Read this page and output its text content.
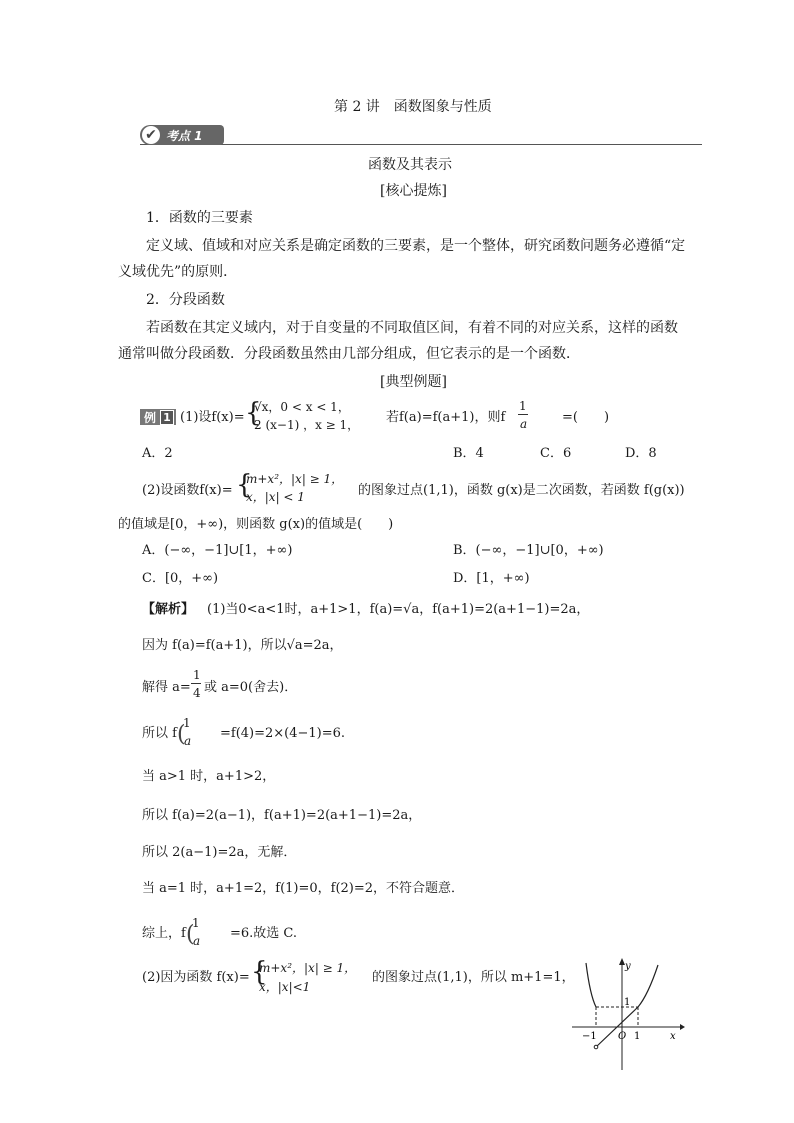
第 2 讲　函数图象与性质
✔ 考点 1
函数及其表示
[核心提炼]
1．函数的三要素
定义域、值域和对应关系是确定函数的三要素，是一个整体，研究函数问题务必遵循“定
义域优先”的原则．
2．分段函数
若函数在其定义域内，对于自变量的不同取值区间，有着不同的对应关系，这样的函数
通常叫做分段函数．分段函数虽然由几部分组成，但它表示的是一个函数．
[典型例题]
例 1 (1)设f(x)= {
√x，0 < x < 1，
2 (x−1) ，x ≥ 1， 若f(a)=f(a+1)，则f
1
a	=(　　)
A．2	B．4	C．6	D．8
(2)设函数f(x)= {
m+x²，|x| ≥ 1，
x，|x| < 1	的图象过点(1,1)，函数 g(x)是二次函数，若函数 f(g(x))
的值域是[0，+∞)，则函数 g(x)的值域是(　　)
A．(−∞，−1]∪[1，+∞)	B．(−∞，−1]∪[0，+∞)
C．[0，+∞)	D．[1，+∞)
【解析】 (1)当0<a<1时，a+1>1，f(a)=√a，f(a+1)=2(a+1−1)=2a，
因为 f(a)=f(a+1)，所以√a=2a，
解得 a=
1
4 或 a=0(舍去)．
所以 f
1
(
a =f(4)=2×(4−1)=6.
当 a>1 时，a+1>2，
所以 f(a)=2(a−1)，f(a+1)=2(a+1−1)=2a，
所以 2(a−1)=2a，无解．
当 a=1 时，a+1=2，f(1)=0，f(2)=2，不符合题意．
综上，f
1
(
a =6.故选 C.
(2)因为函数 f(x)= {
m+x²，|x| ≥ 1，
x，|x|<1
的图象过点(1,1)，所以 m+1=1，
y
x
O
−1	1
1
